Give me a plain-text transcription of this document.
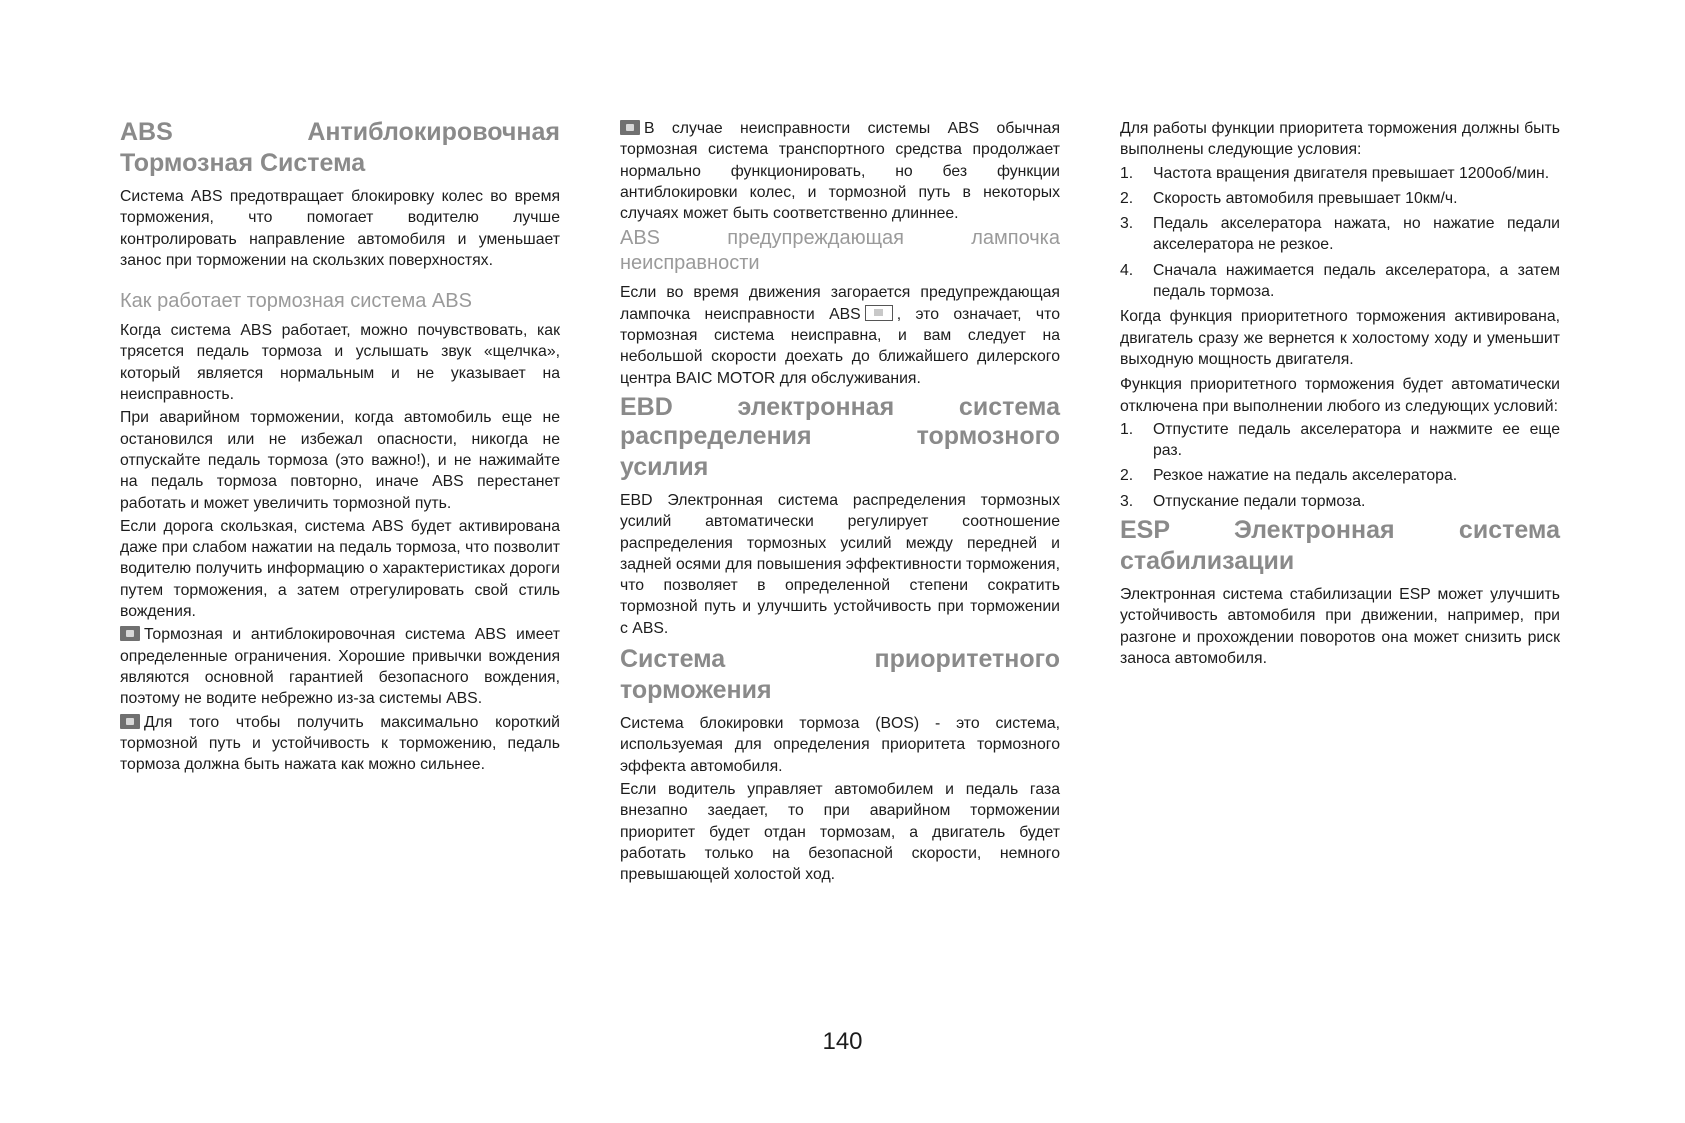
ABS Антиблокировочная
Тормозная Система

Система ABS предотвращает блокировку колес во время торможения, что помогает водителю лучше контролировать направление автомобиля и уменьшает занос при торможении на скользких поверхностях.

Как работает тормозная система ABS

Когда система ABS работает, можно почувствовать, как трясется педаль тормоза и услышать звук «щелчка», который является нормальным и не указывает на неисправность.

При аварийном торможении, когда автомобиль еще не остановился или не избежал опасности, никогда не отпускайте педаль тормоза (это важно!), и не нажимайте на педаль тормоза повторно, иначе ABS перестанет работать и может увеличить тормозной путь.

Если дорога скользкая, система ABS будет активирована даже при слабом нажатии на педаль тормоза, что позволит водителю получить информацию о характеристиках дороги путем торможения, а затем отрегулировать свой стиль вождения.

Тормозная и антиблокировочная система ABS имеет определенные ограничения. Хорошие привычки вождения являются основной гарантией безопасного вождения, поэтому не водите небрежно из-за системы ABS.

Для того чтобы получить максимально короткий тормозной путь и устойчивость к торможению, педаль тормоза должна быть нажата как можно сильнее.

В случае неисправности системы ABS обычная тормозная система транспортного средства продолжает нормально функционировать, но без функции антиблокировки колес, и тормозной путь в некоторых случаях может быть соответственно длиннее.

ABS предупреждающая лампочка
неисправности

Если во время движения загорается предупреждающая лампочка неисправности ABS , это означает, что тормозная система неисправна, и вам следует на небольшой скорости доехать до ближайшего дилерского центра BAIC MOTOR для обслуживания.

EBD электронная система распределения тормозного
усилия

EBD Электронная система распределения тормозных усилий автоматически регулирует соотношение распределения тормозных усилий между передней и задней осями для повышения эффективности торможения, что позволяет в определенной степени сократить тормозной путь и улучшить устойчивость при торможении с ABS.

Система приоритетного
торможения

Система блокировки тормоза (BOS) - это система, используемая для определения приоритета тормозного эффекта автомобиля.

Если водитель управляет автомобилем и педаль газа внезапно заедает, то при аварийном торможении приоритет будет отдан тормозам, а двигатель будет работать только на безопасной скорости, немного превышающей холостой ход.

Для работы функции приоритета торможения должны быть выполнены следующие условия:

1.	Частота вращения двигателя превышает 1200об/мин.
2.	Скорость автомобиля превышает 10км/ч.
3.	Педаль акселератора нажата, но нажатие педали акселератора не резкое.
4.	Сначала нажимается педаль акселератора, а затем педаль тормоза.

Когда функция приоритетного торможения активирована, двигатель сразу же вернется к холостому ходу и уменьшит выходную мощность двигателя.

Функция приоритетного торможения будет автоматически отключена при выполнении любого из следующих условий:

1.	Отпустите педаль акселератора и нажмите ее еще раз.
2.	Резкое нажатие на педаль акселератора.
3.	Отпускание педали тормоза.
ESP Электронная система
стабилизации

Электронная система стабилизации ESP может улучшить устойчивость автомобиля при движении, например, при разгоне и прохождении поворотов она может снизить риск заноса автомобиля.

140
